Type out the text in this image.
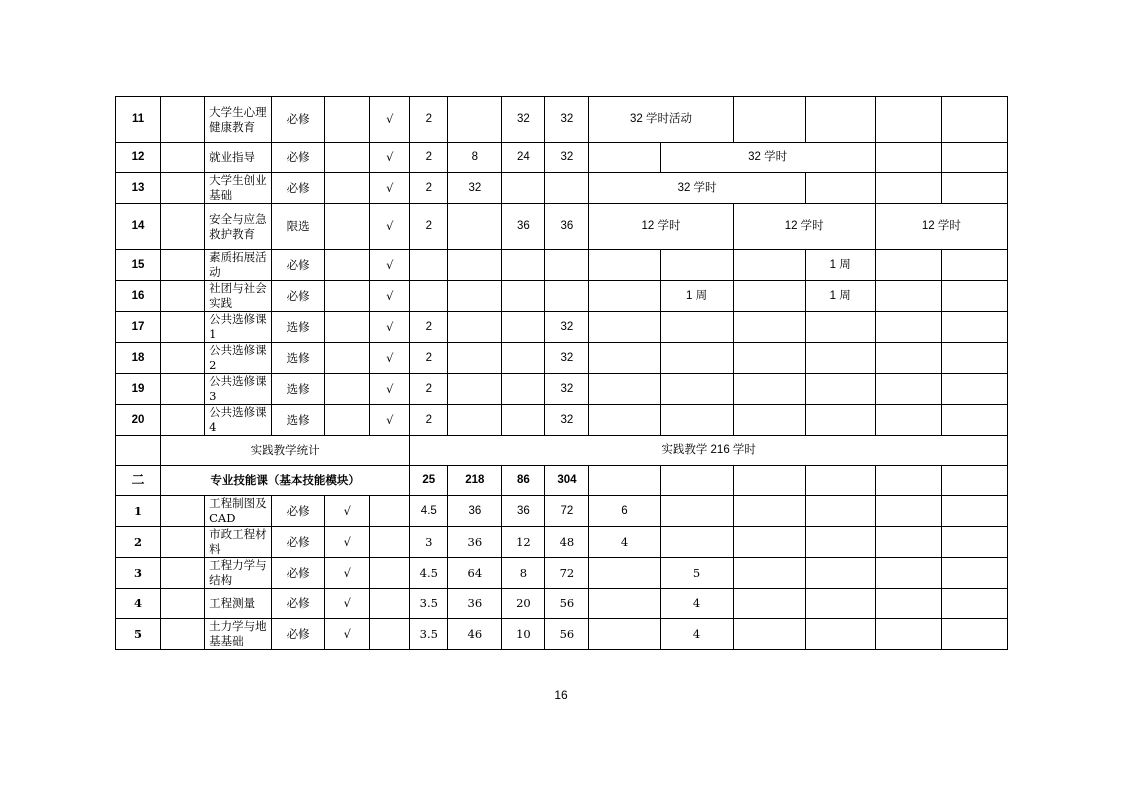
11		大学生心理健康教育	必修		√	2		32	32	32 学时活动					
12		就业指导	必修		√	2	8	24	32		32 学时				
13		大学生创业基础	必修		√	2	32			32 学时					
14		安全与应急救护教育	限选		√	2		36	36	12 学时		12 学时		12 学时	
15		素质拓展活动	必修		√								1 周		
16		社团与社会实践	必修		√						1 周		1 周		
17		公共选修课 1	选修		√	2			32						
18		公共选修课 2	选修		√	2			32						
19		公共选修课 3	选修		√	2			32						
20		公共选修课 4	选修		√	2			32						
	实践教学统计					实践教学 216 学时									
二	专业技能课（基本技能模块）					25	218	86	304						
1		工程制图及 CAD	必修	√		4.5	36	36	72	6					
2		市政工程材料	必修	√		3	36	12	48	4					
3		工程力学与结构	必修	√		4.5	64	8	72		5				
4		工程测量	必修	√		3.5	36	20	56		4				
5		土力学与地基基础	必修	√		3.5	46	10	56		4				
16
